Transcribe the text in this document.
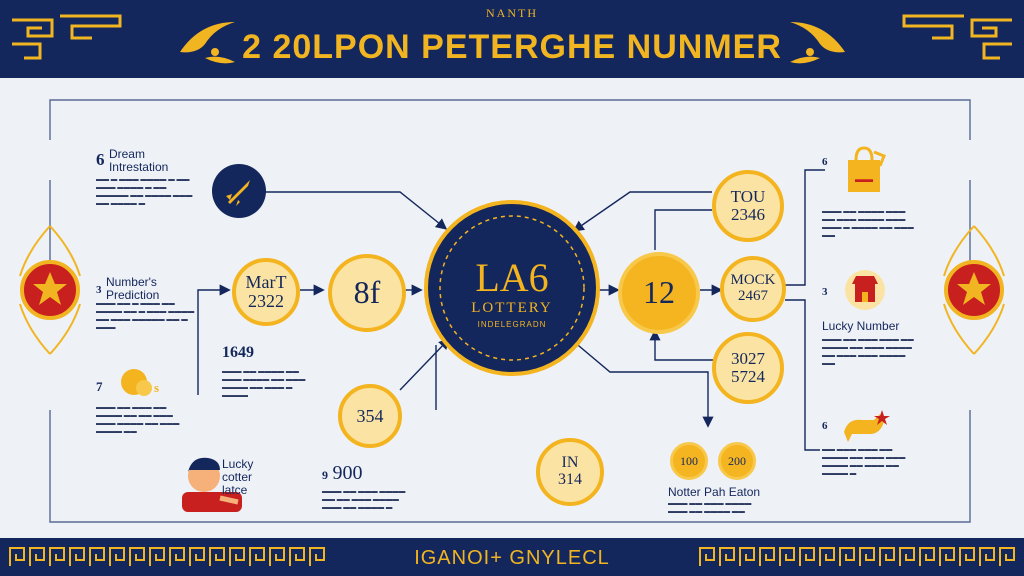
NANTH
2 20LPON PETERGHE NUNMER
LA6
LOTTERY
INDELEGRADN
MarT
2322 8f
354
IN
314
12
TOU
2346
MOCK
2467
3027
5724
100	200
6 Dream Intrestation
▬▬ ▬ ▬▬▬ ▬▬▬▬ ▬ ▬▬ ▬▬▬ ▬▬▬▬ ▬ ▬▬ ▬▬▬▬▬ ▬▬ ▬▬▬▬ ▬▬▬ ▬▬ ▬▬▬▬ ▬
3 Number's Prediction
▬▬▬ ▬▬ ▬ ▬▬▬ ▬▬ ▬▬▬▬ ▬▬ ▬ ▬▬▬ ▬▬▬▬ ▬▬ ▬▬▬ ▬▬▬▬▬ ▬▬ ▬ ▬▬▬
1649
▬▬▬ ▬▬ ▬▬▬▬ ▬▬ ▬▬▬ ▬▬▬▬ ▬▬ ▬▬▬ ▬▬▬▬ ▬▬ ▬▬▬ ▬ ▬▬▬▬
7	s
▬▬▬ ▬▬ ▬▬▬ ▬▬ ▬▬▬▬ ▬▬ ▬▬ ▬▬▬ ▬▬▬ ▬▬▬▬ ▬▬ ▬▬▬ ▬▬▬▬ ▬▬
Lucky cotter latce
9 900
▬▬▬ ▬▬ ▬▬▬ ▬▬▬▬ ▬▬ ▬▬ ▬▬▬ ▬▬▬▬ ▬▬▬ ▬▬ ▬▬▬▬ ▬
6
▬▬
▬▬▬ ▬▬ ▬▬▬▬ ▬▬▬ ▬▬ ▬▬▬ ▬▬▬▬ ▬▬▬ ▬▬▬ ▬ ▬▬▬▬ ▬▬ ▬▬▬ ▬▬
3
Lucky Number
▬▬▬ ▬▬ ▬▬▬ ▬▬▬ ▬▬ ▬▬▬▬ ▬▬ ▬▬▬ ▬▬▬▬ ▬▬ ▬▬▬ ▬▬▬ ▬▬▬▬ ▬▬
6
▬▬ ▬▬▬ ▬▬▬ ▬▬ ▬▬▬▬ ▬▬ ▬▬▬ ▬▬▬ ▬▬▬▬ ▬▬ ▬▬▬ ▬▬ ▬▬▬▬ ▬
Notter Pah Eaton
▬▬▬ ▬▬ ▬▬▬ ▬▬▬▬ ▬▬▬ ▬▬ ▬▬▬▬ ▬▬
IGANOI+ GNYLECL
